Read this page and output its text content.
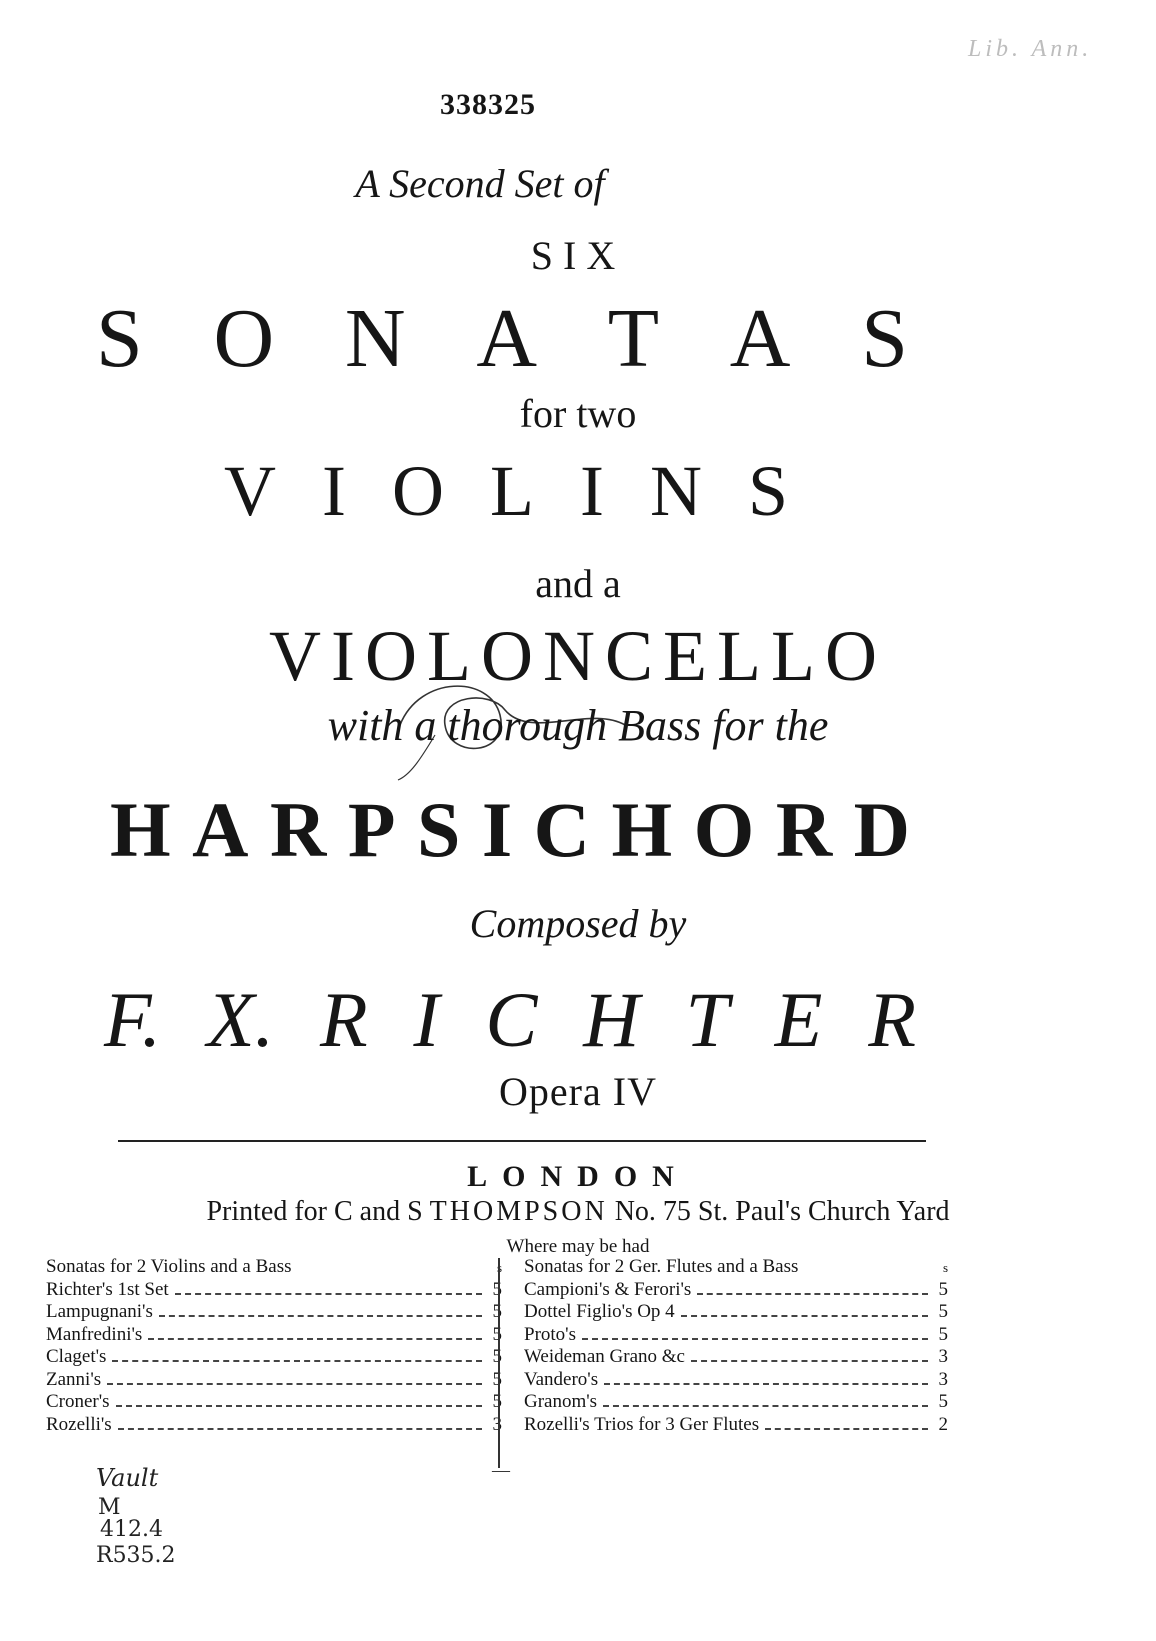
338325
Lib. Ann.
A Second Set of
SIX
S O N A T A S
for two
V I O L I N S
and a
VIOLONCELLO
with a thorough Bass for the
H A R P S I C H O R D
Composed by
F. X. R I C H T E R
Opera IV
LONDON
Printed for C and S THOMPSON No. 75 St. Paul's Church Yard
Where may be had
Sonatas for 2 Violins and a Bass	s
Richter's 1st Set	5
Lampugnani's	5
Manfredini's	5
Claget's	5
Zanni's	5
Croner's	5
Rozelli's	3
Sonatas for 2 Ger. Flutes and a Bass	s
Campioni's & Ferori's	5
Dottel Figlio's Op 4	5
Proto's	5
Weideman Grano &c	3
Vandero's	3
Granom's	5
Rozelli's Trios for 3 Ger Flutes	2
―
Vault
M
412.4
R535.2
